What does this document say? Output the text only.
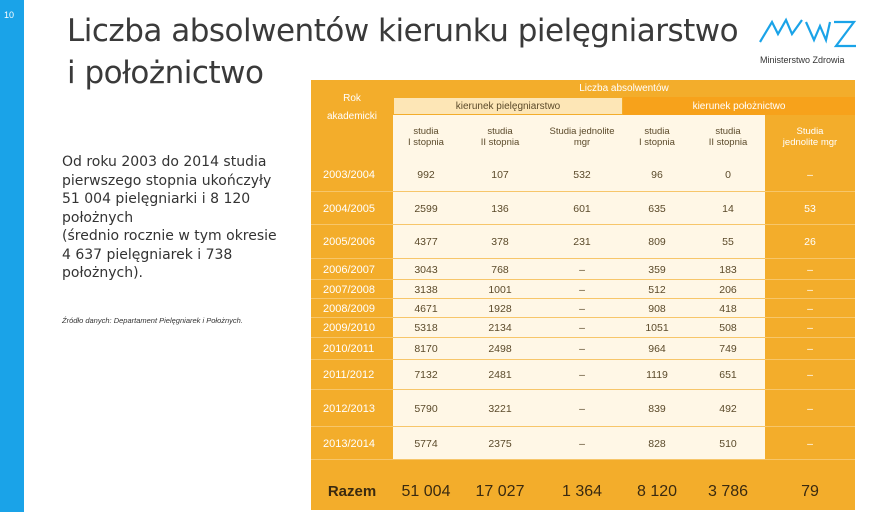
10 Liczba absolwentów kierunku pielęgniarstwo
i położnictwo	Ministerstwo Zdrowia
Od roku 2003 do 2014 studia
pierwszego stopnia ukończyły
51 004 pielęgniarki i 8 120
położnych
(średnio rocznie w tym okresie
4 637 pielęgniarek i 738
położnych).
Źródło danych: Departament Pielęgniarek i Położnych.
Liczba absolwentów
Rok
akademicki
kierunek pielęgniarstwo	kierunek położnictwo
studia
I stopnia
studia
II stopnia
Studia jednolite
mgr
studia
I stopnia
studia
II stopnia
Studia
jednolite mgr
2003/2004	992	107	532	96	0	–
2004/2005	2599	136	601	635	14	53
2005/2006	4377	378	231	809	55	26
2006/2007	3043	768	–	359	183	–
2007/2008	3138	1001	–	512	206	–
2008/2009	4671	1928	–	908	418	–
2009/2010	5318	2134	–	1051	508	–
2010/2011	8170	2498	–	964	749	–
2011/2012	7132	2481	–	1119	651	–
2012/2013	5790	3221	–	839	492	–
2013/2014	5774	2375	–	828	510	–
Razem	51 004	17 027	1 364	8 120	3 786	79
